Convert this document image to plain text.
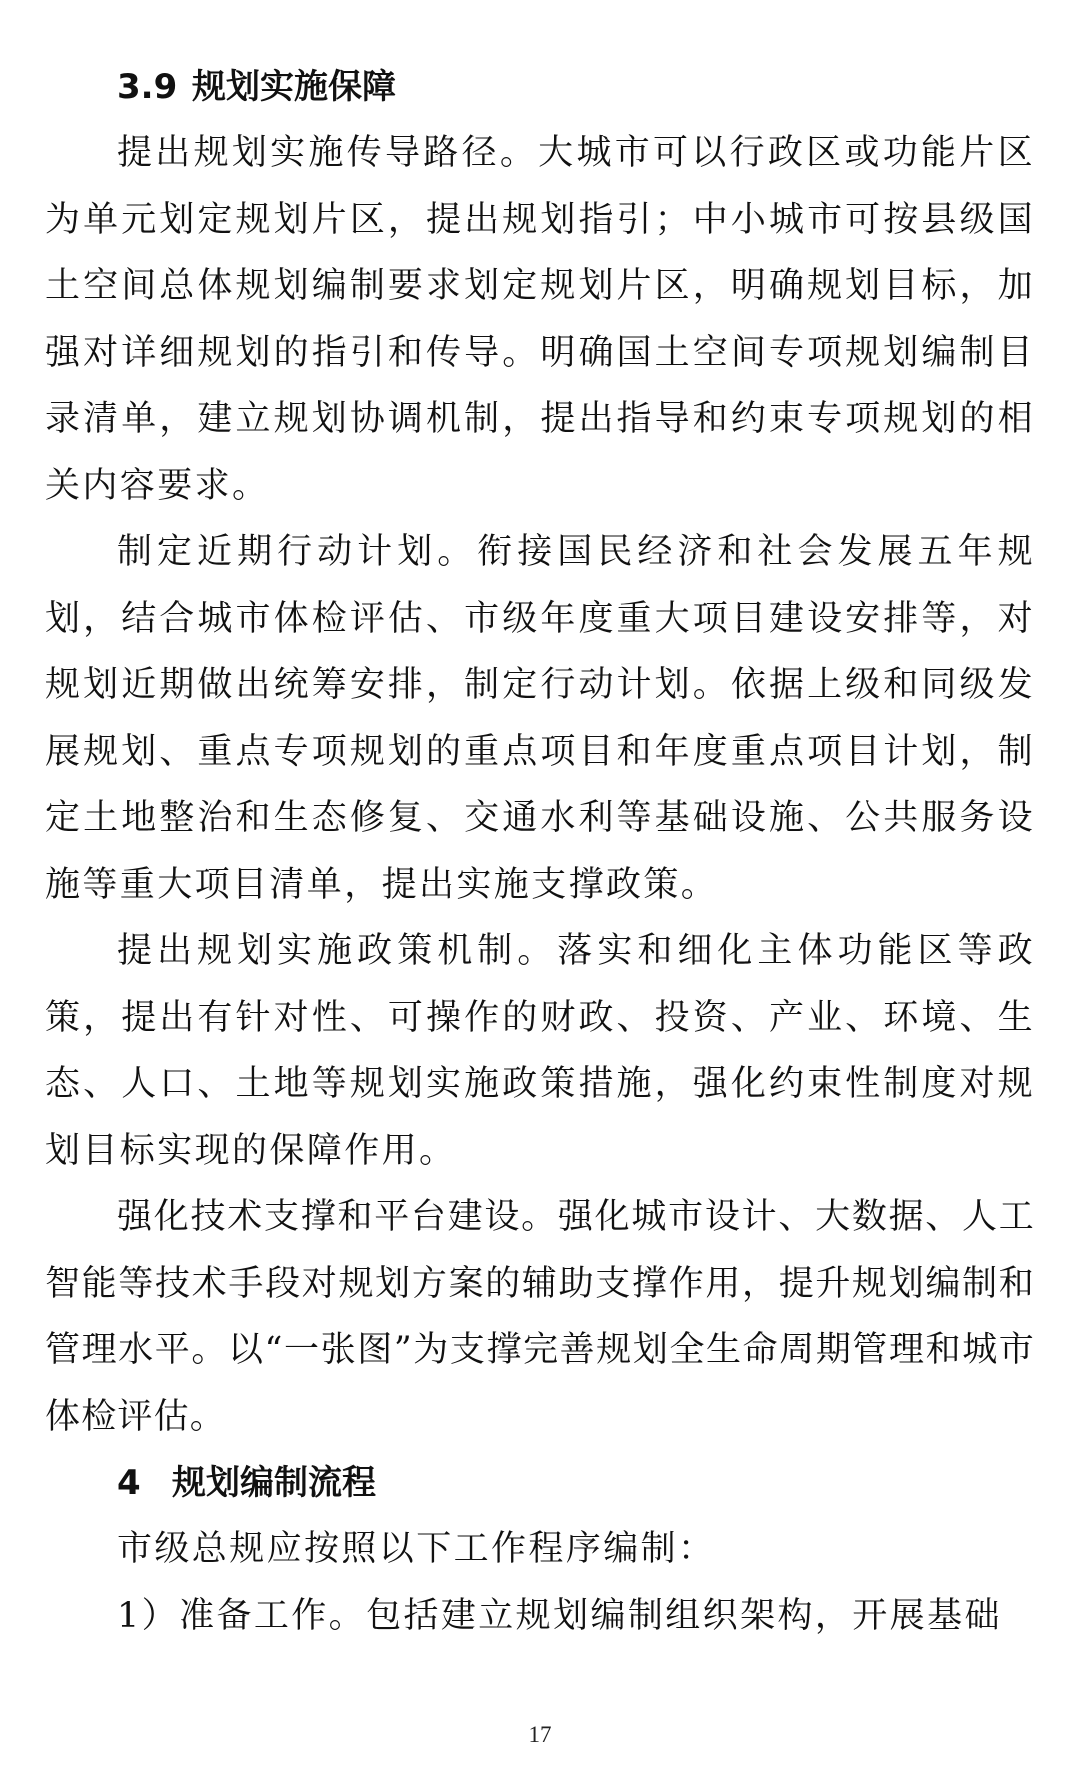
3.9 规划实施保障

提出规划实施传导路径。大城市可以行政区或功能片区为单元划定规划片区，提出规划指引；中小城市可按县级国土空间总体规划编制要求划定规划片区，明确规划目标，加强对详细规划的指引和传导。明确国土空间专项规划编制目录清单，建立规划协调机制，提出指导和约束专项规划的相关内容要求。

制定近期行动计划。衔接国民经济和社会发展五年规划，结合城市体检评估、市级年度重大项目建设安排等，对规划近期做出统筹安排，制定行动计划。依据上级和同级发展规划、重点专项规划的重点项目和年度重点项目计划，制定土地整治和生态修复、交通水利等基础设施、公共服务设施等重大项目清单，提出实施支撑政策。

提出规划实施政策机制。落实和细化主体功能区等政策，提出有针对性、可操作的财政、投资、产业、环境、生态、人口、土地等规划实施政策措施，强化约束性制度对规划目标实现的保障作用。

强化技术支撑和平台建设。强化城市设计、大数据、人工智能等技术手段对规划方案的辅助支撑作用，提升规划编制和管理水平。以“一张图”为支撑完善规划全生命周期管理和城市体检评估。

4 规划编制流程

市级总规应按照以下工作程序编制：

1）准备工作。包括建立规划编制组织架构，开展基础

17
